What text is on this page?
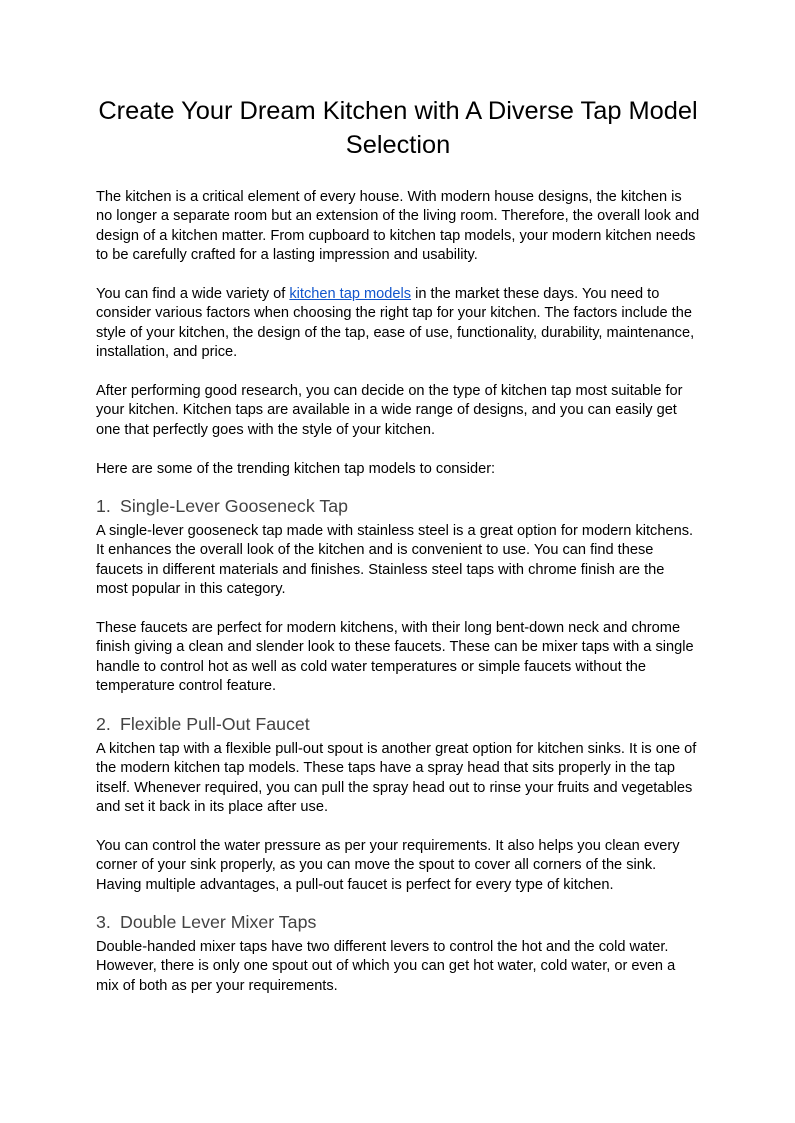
Create Your Dream Kitchen with A Diverse Tap Model Selection

The kitchen is a critical element of every house. With modern house designs, the kitchen is no longer a separate room but an extension of the living room. Therefore, the overall look and design of a kitchen matter. From cupboard to kitchen tap models, your modern kitchen needs to be carefully crafted for a lasting impression and usability.

You can find a wide variety of kitchen tap models in the market these days. You need to consider various factors when choosing the right tap for your kitchen. The factors include the style of your kitchen, the design of the tap, ease of use, functionality, durability, maintenance, installation, and price.

After performing good research, you can decide on the type of kitchen tap most suitable for your kitchen. Kitchen taps are available in a wide range of designs, and you can easily get one that perfectly goes with the style of your kitchen.

Here are some of the trending kitchen tap models to consider:

1. Single-Lever Gooseneck Tap

A single-lever gooseneck tap made with stainless steel is a great option for modern kitchens. It enhances the overall look of the kitchen and is convenient to use. You can find these faucets in different materials and finishes. Stainless steel taps with chrome finish are the most popular in this category.

These faucets are perfect for modern kitchens, with their long bent-down neck and chrome finish giving a clean and slender look to these faucets. These can be mixer taps with a single handle to control hot as well as cold water temperatures or simple faucets without the temperature control feature.

2. Flexible Pull-Out Faucet

A kitchen tap with a flexible pull-out spout is another great option for kitchen sinks. It is one of the modern kitchen tap models. These taps have a spray head that sits properly in the tap itself. Whenever required, you can pull the spray head out to rinse your fruits and vegetables and set it back in its place after use.

You can control the water pressure as per your requirements. It also helps you clean every corner of your sink properly, as you can move the spout to cover all corners of the sink. Having multiple advantages, a pull-out faucet is perfect for every type of kitchen.

3. Double Lever Mixer Taps

Double-handed mixer taps have two different levers to control the hot and the cold water. However, there is only one spout out of which you can get hot water, cold water, or even a mix of both as per your requirements.
